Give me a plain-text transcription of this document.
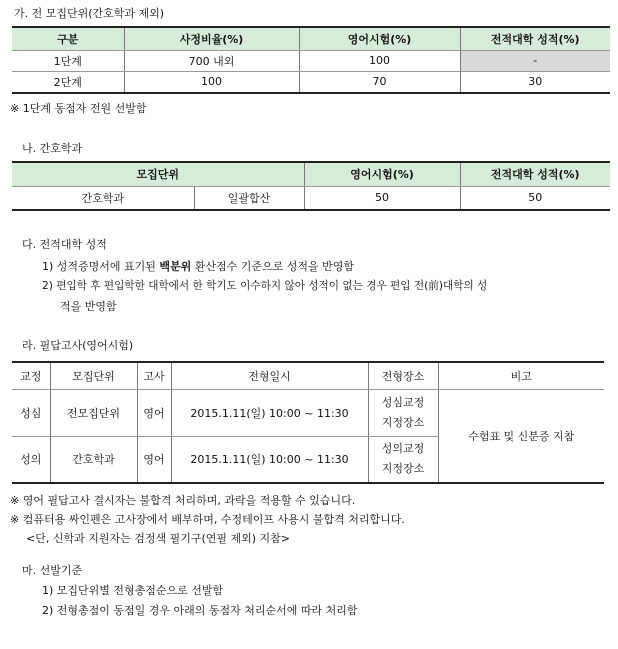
가. 전 모집단위(간호학과 제외)
구분	사정비율(%)	영어시험(%)	전적대학 성적(%)
1단계	700 내외	100	-
2단계	100	70	30
※ 1단계 동점자 전원 선발함
나. 간호학과
모집단위		영어시험(%)	전적대학 성적(%)
간호학과	일괄합산	50	50
다. 전적대학 성적
1) 성적증명서에 표기된 백분위 환산점수 기준으로 성적을 반영함
2) 편입학 후 편입학한 대학에서 한 학기도 이수하지 않아 성적이 없는 경우 편입 전(前)대학의 성
적을 반영함
라. 필답고사(영어시험)
교정	모집단위	고사	전형일시	전형장소	비고
성심	전모집단위	영어	2015.1.11(일) 10:00 ~ 11:30	성심교정
지정장소	수험표 및 신분증 지참
성의	간호학과	영어	2015.1.11(일) 10:00 ~ 11:30	성의교정
지정장소	
※ 영어 필답고사 결시자는 불합격 처리하며, 과락을 적용할 수 있습니다.
※ 컴퓨터용 싸인펜은 고사장에서 배부하며, 수정테이프 사용시 불합격 처리합니다.
<단, 신학과 지원자는 검정색 필기구(연필 제외) 지참>
마. 선발기준
1) 모집단위별 전형총점순으로 선발함
2) 전형총점이 동점일 경우 아래의 동점자 처리순서에 따라 처리함
